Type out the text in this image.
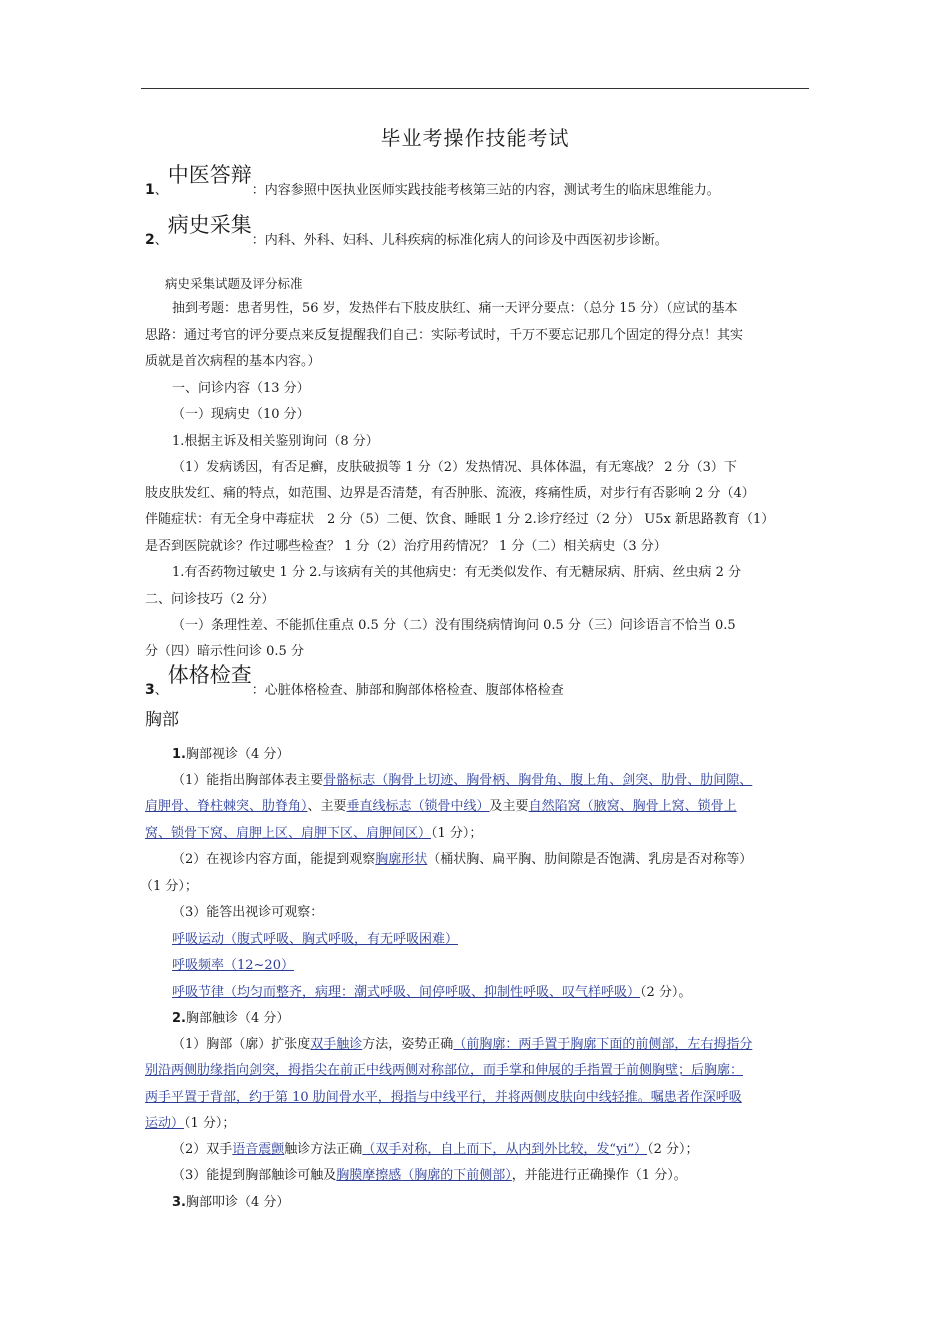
毕业考操作技能考试
1、中医答辩：内容参照中医执业医师实践技能考核第三站的内容，测试考生的临床思维能力。
2、病史采集：内科、外科、妇科、儿科疾病的标准化病人的问诊及中西医初步诊断。
病史采集试题及评分标准
抽到考题：患者男性，56 岁，发热伴右下肢皮肤红、痛一天评分要点：（总分 15 分）（应试的基本
思路：通过考官的评分要点来反复提醒我们自己：实际考试时，千万不要忘记那几个固定的得分点！其实
质就是首次病程的基本内容。）
一、问诊内容（13 分）
（一）现病史（10 分）
1.根据主诉及相关鉴别询问（8 分）
（1）发病诱因，有否足癣，皮肤破损等 1 分（2）发热情况、具体体温，有无寒战？ 2 分（3）下
肢皮肤发红、痛的特点，如范围、边界是否清楚，有否肿胀、流液，疼痛性质，对步行有否影响 2 分（4）
伴随症状：有无全身中毒症状　2 分（5）二便、饮食、睡眠 1 分 2.诊疗经过（2 分） U5x 新思路教育（1）
是否到医院就诊？作过哪些检查？ 1 分（2）治疗用药情况？ 1 分（二）相关病史（3 分）
1.有否药物过敏史 1 分 2.与该病有关的其他病史：有无类似发作、有无糖尿病、肝病、丝虫病 2 分
二、问诊技巧（2 分）
（一）条理性差、不能抓住重点 0.5 分（二）没有围绕病情询问 0.5 分（三）问诊语言不恰当 0.5
分（四）暗示性问诊 0.5 分
3、体格检查：心脏体格检查、肺部和胸部体格检查、腹部体格检查
胸部
1.胸部视诊（4 分）
（1）能指出胸部体表主要骨骼标志（胸骨上切迹、胸骨柄、胸骨角、腹上角、剑突、肋骨、肋间隙、
肩胛骨、脊柱棘突、肋脊角）、主要垂直线标志（锁骨中线）及主要自然陷窝（腋窝、胸骨上窝、锁骨上
窝、锁骨下窝、肩胛上区、肩胛下区、肩胛间区）（1 分）；
（2）在视诊内容方面，能提到观察胸廓形状（桶状胸、扁平胸、肋间隙是否饱满、乳房是否对称等）
（1 分）；
（3）能答出视诊可观察：
呼吸运动（腹式呼吸、胸式呼吸，有无呼吸困难）
呼吸频率（12~20）
呼吸节律（均匀而整齐，病理：潮式呼吸、间停呼吸、抑制性呼吸、叹气样呼吸）（2 分）。
2.胸部触诊（4 分）
（1）胸部（廓）扩张度双手触诊方法，姿势正确（前胸廓：两手置于胸廓下面的前侧部，左右拇指分
别沿两侧肋缘指向剑突，拇指尖在前正中线两侧对称部位，而手掌和伸展的手指置于前侧胸壁；后胸廓：
两手平置于背部，约于第 10 肋间骨水平，拇指与中线平行，并将两侧皮肤向中线轻推。嘱患者作深呼吸
运动）（1 分）；
（2）双手语音震颤触诊方法正确（双手对称，自上而下，从内到外比较，发“yi”）（2 分）；
（3）能提到胸部触诊可触及胸膜摩擦感（胸廓的下前侧部），并能进行正确操作（1 分）。
3.胸部叩诊（4 分）
